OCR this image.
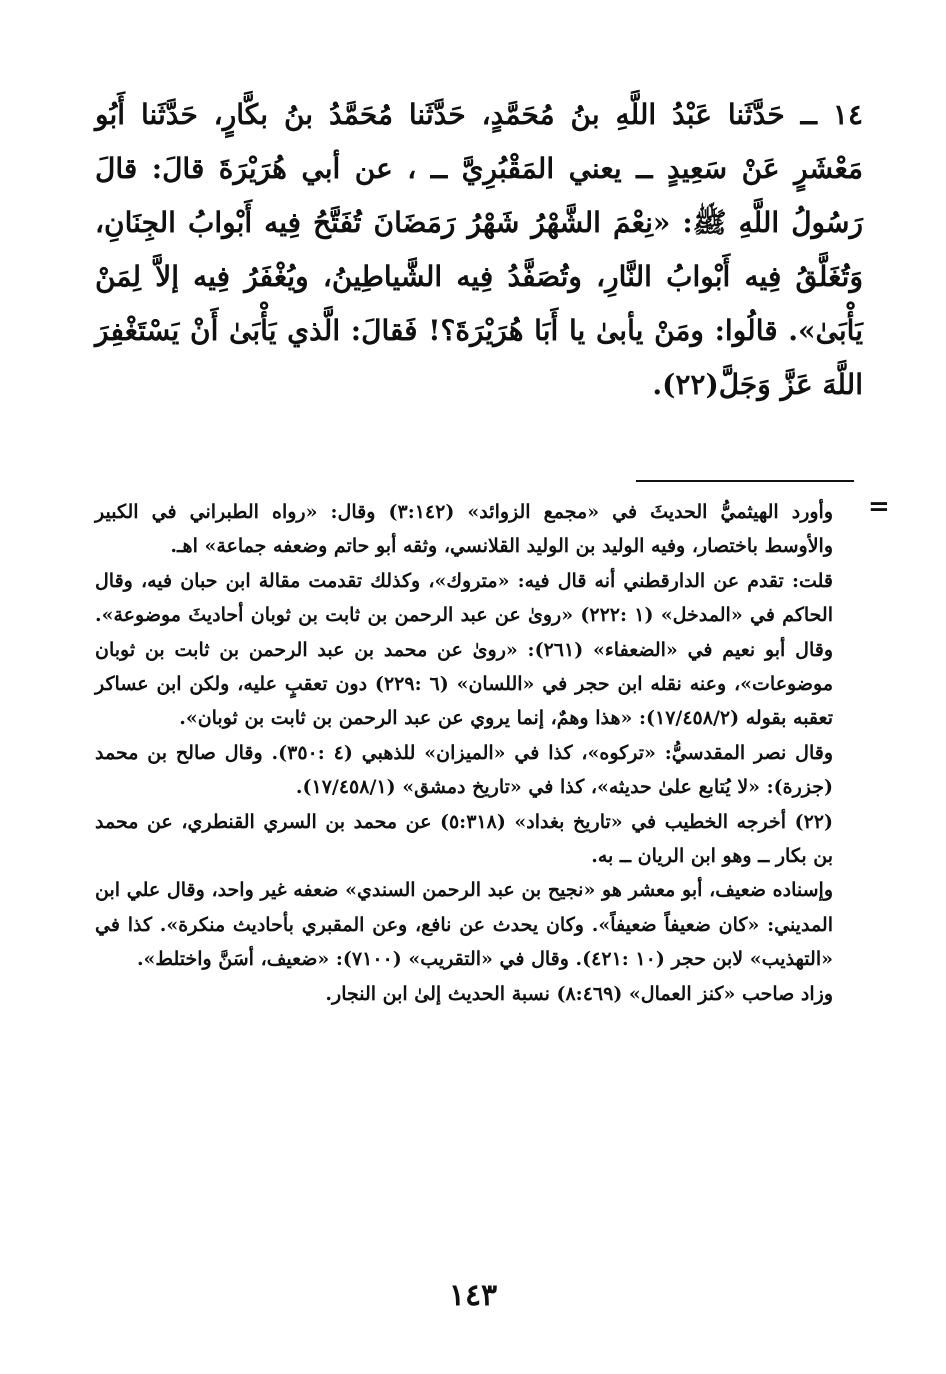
١٤ ــ حَدَّثَنا عَبْدُ اللَّهِ بنُ مُحَمَّدٍ، حَدَّثَنا مُحَمَّدُ بنُ بكَّارٍ، حَدَّثَنا أَبُو مَعْشَرٍ عَنْ سَعِيدٍ ــ يعني المَقْبُرِيَّ ــ ، عن أبي هُرَيْرَةَ قالَ: قالَ رَسُولُ اللَّهِ ﷺ: «نِعْمَ الشَّهْرُ شَهْرُ رَمَضَانَ تُفَتَّحُ فِيه أَبْوابُ الجِنَانِ، وَتُغَلَّقُ فِيه أَبْوابُ النَّارِ، وتُصَفَّدُ فِيه الشَّياطِينُ، ويُغْفَرُ فِيه إلاَّ لِمَنْ يَأْبَىٰ». قالُوا: ومَنْ يأبىٰ يا أَبَا هُرَيْرَةَ؟! فَقالَ: الَّذي يَأْبَىٰ أَنْ يَسْتَغْفِرَ اللَّهَ عَزَّ وَجَلَّ(٢٢).

=

وأورد الهيثميُّ الحديثَ في «مجمع الزوائد» (٣:١٤٢) وقال: «رواه الطبراني في الكبير والأوسط باختصار، وفيه الوليد بن الوليد القلانسي، وثقه أبو حاتم وضعفه جماعة» اهـ.

قلت: تقدم عن الدارقطني أنه قال فيه: «متروك»، وكذلك تقدمت مقالة ابن حبان فيه، وقال الحاكم في «المدخل» (١ :٢٢٢) «روىٰ عن عبد الرحمن بن ثابت بن ثوبان أحاديثَ موضوعة». وقال أبو نعيم في «الضعفاء» (٢٦١): «روىٰ عن محمد بن عبد الرحمن بن ثابت بن ثوبان موضوعات»، وعنه نقله ابن حجر في «اللسان» (٦ :٢٢٩) دون تعقبٍ عليه، ولكن ابن عساكر تعقبه بقوله (١٧/٤٥٨/٢): «هذا وهمٌ، إنما يروي عن عبد الرحمن بن ثابت بن ثوبان».

وقال نصر المقدسيُّ: «تركوه»، كذا في «الميزان» للذهبي (٤ :٣٥٠). وقال صالح بن محمد (جزرة): «لا يُتابع علىٰ حديثه»، كذا في «تاريخ دمشق» (١٧/٤٥٨/١).

(٢٢) أخرجه الخطيب في «تاريخ بغداد» (٥:٣١٨) عن محمد بن السري القنطري، عن محمد بن بكار ــ وهو ابن الريان ــ به.

وإسناده ضعيف، أبو معشر هو «نجيح بن عبد الرحمن السندي» ضعفه غير واحد، وقال علي ابن المديني: «كان ضعيفاً ضعيفاً». وكان يحدث عن نافع، وعن المقبري بأحاديث منكرة». كذا في «التهذيب» لابن حجر (١٠ :٤٢١). وقال في «التقريب» (٧١٠٠): «ضعيف، أسَنَّ واختلط».

وزاد صاحب «كنز العمال» (٨:٤٦٩) نسبة الحديث إلىٰ ابن النجار.

١٤٣
